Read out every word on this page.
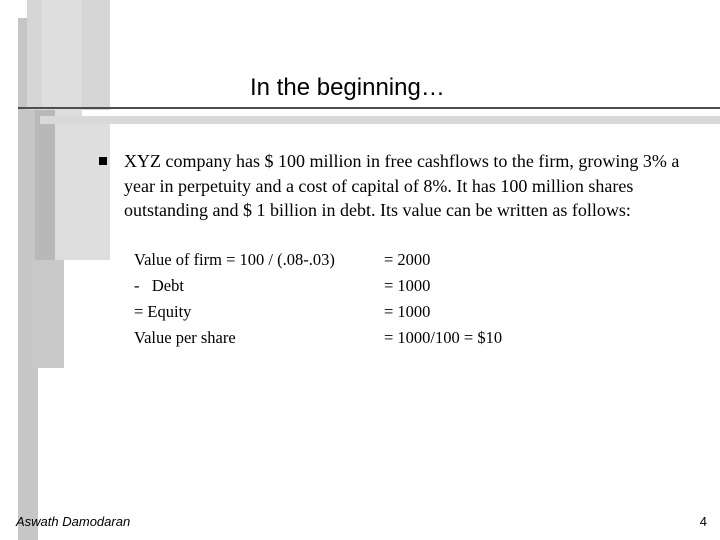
In the beginning…
XYZ company has $ 100 million in free cashflows to the firm, growing 3% a year in perpetuity and a cost of capital of 8%. It has 100 million shares outstanding and $ 1 billion in debt. Its value can be written as follows:
Value of firm = 100 / (.08-.03)	= 2000
-   Debt	= 1000
= Equity	= 1000
Value per share	= 1000/100 = $10
Aswath Damodaran	4
